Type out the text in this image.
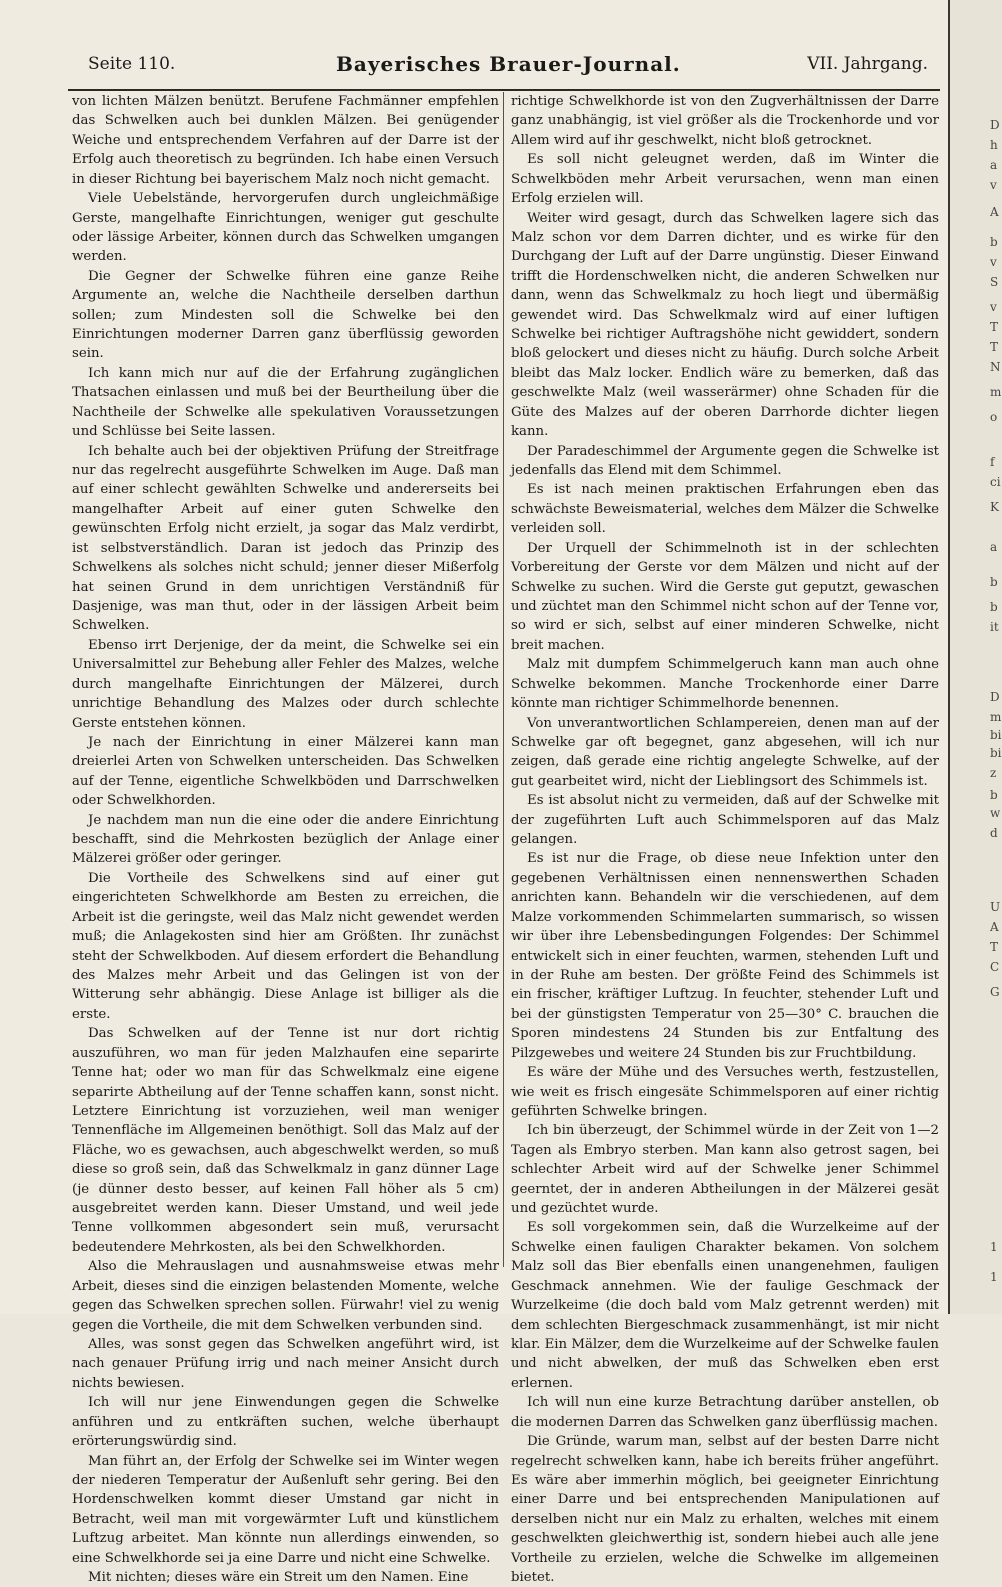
Seite 110.	Bayerisches Brauer-Journal.	VII. Jahrgang.

von lichten Mälzen benützt. Berufene Fachmänner empfehlen das Schwelken auch bei dunklen Mälzen. Bei genügender Weiche und entsprechendem Verfahren auf der Darre ist der Erfolg auch theoretisch zu begründen. Ich habe einen Versuch in dieser Richtung bei bayerischem Malz noch nicht gemacht.

Viele Uebelstände, hervorgerufen durch ungleichmäßige Gerste, mangelhafte Einrichtungen, weniger gut geschulte oder lässige Arbeiter, können durch das Schwelken umgangen werden.

Die Gegner der Schwelke führen eine ganze Reihe Argumente an, welche die Nachtheile derselben darthun sollen; zum Mindesten soll die Schwelke bei den Einrichtungen moderner Darren ganz überflüssig geworden sein.

Ich kann mich nur auf die der Erfahrung zugänglichen Thatsachen einlassen und muß bei der Beurtheilung über die Nachtheile der Schwelke alle spekulativen Voraussetzungen und Schlüsse bei Seite lassen.

Ich behalte auch bei der objektiven Prüfung der Streitfrage nur das regelrecht ausgeführte Schwelken im Auge. Daß man auf einer schlecht gewählten Schwelke und andererseits bei mangelhafter Arbeit auf einer guten Schwelke den gewünschten Erfolg nicht erzielt, ja sogar das Malz verdirbt, ist selbstverständlich. Daran ist jedoch das Prinzip des Schwelkens als solches nicht schuld; jenner dieser Mißerfolg hat seinen Grund in dem unrichtigen Verständniß für Dasjenige, was man thut, oder in der lässigen Arbeit beim Schwelken.

Ebenso irrt Derjenige, der da meint, die Schwelke sei ein Universalmittel zur Behebung aller Fehler des Malzes, welche durch mangelhafte Einrichtungen der Mälzerei, durch unrichtige Behandlung des Malzes oder durch schlechte Gerste entstehen können.

Je nach der Einrichtung in einer Mälzerei kann man dreierlei Arten von Schwelken unterscheiden. Das Schwelken auf der Tenne, eigentliche Schwelkböden und Darrschwelken oder Schwelkhorden.

Je nachdem man nun die eine oder die andere Einrichtung beschafft, sind die Mehrkosten bezüglich der Anlage einer Mälzerei größer oder geringer.

Die Vortheile des Schwelkens sind auf einer gut eingerichteten Schwelkhorde am Besten zu erreichen, die Arbeit ist die geringste, weil das Malz nicht gewendet werden muß; die Anlagekosten sind hier am Größten. Ihr zunächst steht der Schwelkboden. Auf diesem erfordert die Behandlung des Malzes mehr Arbeit und das Gelingen ist von der Witterung sehr abhängig. Diese Anlage ist billiger als die erste.

Das Schwelken auf der Tenne ist nur dort richtig auszuführen, wo man für jeden Malzhaufen eine separirte Tenne hat; oder wo man für das Schwelkmalz eine eigene separirte Abtheilung auf der Tenne schaffen kann, sonst nicht. Letztere Einrichtung ist vorzuziehen, weil man weniger Tennenfläche im Allgemeinen benöthigt. Soll das Malz auf der Fläche, wo es gewachsen, auch abgeschwelkt werden, so muß diese so groß sein, daß das Schwelkmalz in ganz dünner Lage (je dünner desto besser, auf keinen Fall höher als 5 cm) ausgebreitet werden kann. Dieser Umstand, und weil jede Tenne vollkommen abgesondert sein muß, verursacht bedeutendere Mehrkosten, als bei den Schwelkhorden.

Also die Mehrauslagen und ausnahmsweise etwas mehr Arbeit, dieses sind die einzigen belastenden Momente, welche gegen das Schwelken sprechen sollen. Fürwahr! viel zu wenig gegen die Vortheile, die mit dem Schwelken verbunden sind.

Alles, was sonst gegen das Schwelken angeführt wird, ist nach genauer Prüfung irrig und nach meiner Ansicht durch nichts bewiesen.

Ich will nur jene Einwendungen gegen die Schwelke anführen und zu entkräften suchen, welche überhaupt erörterungswürdig sind.

Man führt an, der Erfolg der Schwelke sei im Winter wegen der niederen Temperatur der Außenluft sehr gering. Bei den Hordenschwelken kommt dieser Umstand gar nicht in Betracht, weil man mit vorgewärmter Luft und künstlichem Luftzug arbeitet. Man könnte nun allerdings einwenden, so eine Schwelkhorde sei ja eine Darre und nicht eine Schwelke.

Mit nichten; dieses wäre ein Streit um den Namen. Eine

richtige Schwelkhorde ist von den Zugverhältnissen der Darre ganz unabhängig, ist viel größer als die Trockenhorde und vor Allem wird auf ihr geschwelkt, nicht bloß getrocknet.

Es soll nicht geleugnet werden, daß im Winter die Schwelkböden mehr Arbeit verursachen, wenn man einen Erfolg erzielen will.

Weiter wird gesagt, durch das Schwelken lagere sich das Malz schon vor dem Darren dichter, und es wirke für den Durchgang der Luft auf der Darre ungünstig. Dieser Einwand trifft die Hordenschwelken nicht, die anderen Schwelken nur dann, wenn das Schwelkmalz zu hoch liegt und übermäßig gewendet wird. Das Schwelkmalz wird auf einer luftigen Schwelke bei richtiger Auftragshöhe nicht gewiddert, sondern bloß gelockert und dieses nicht zu häufig. Durch solche Arbeit bleibt das Malz locker. Endlich wäre zu bemerken, daß das geschwelkte Malz (weil wasserärmer) ohne Schaden für die Güte des Malzes auf der oberen Darrhorde dichter liegen kann.

Der Paradeschimmel der Argumente gegen die Schwelke ist jedenfalls das Elend mit dem Schimmel.

Es ist nach meinen praktischen Erfahrungen eben das schwächste Beweismaterial, welches dem Mälzer die Schwelke verleiden soll.

Der Urquell der Schimmelnoth ist in der schlechten Vorbereitung der Gerste vor dem Mälzen und nicht auf der Schwelke zu suchen. Wird die Gerste gut geputzt, gewaschen und züchtet man den Schimmel nicht schon auf der Tenne vor, so wird er sich, selbst auf einer minderen Schwelke, nicht breit machen.

Malz mit dumpfem Schimmelgeruch kann man auch ohne Schwelke bekommen. Manche Trockenhorde einer Darre könnte man richtiger Schimmelhorde benennen.

Von unverantwortlichen Schlampereien, denen man auf der Schwelke gar oft begegnet, ganz abgesehen, will ich nur zeigen, daß gerade eine richtig angelegte Schwelke, auf der gut gearbeitet wird, nicht der Lieblingsort des Schimmels ist.

Es ist absolut nicht zu vermeiden, daß auf der Schwelke mit der zugeführten Luft auch Schimmelsporen auf das Malz gelangen.

Es ist nur die Frage, ob diese neue Infektion unter den gegebenen Verhältnissen einen nennenswerthen Schaden anrichten kann. Behandeln wir die verschiedenen, auf dem Malze vorkommenden Schimmelarten summarisch, so wissen wir über ihre Lebensbedingungen Folgendes: Der Schimmel entwickelt sich in einer feuchten, warmen, stehenden Luft und in der Ruhe am besten. Der größte Feind des Schimmels ist ein frischer, kräftiger Luftzug. In feuchter, stehender Luft und bei der günstigsten Temperatur von 25—30° C. brauchen die Sporen mindestens 24 Stunden bis zur Entfaltung des Pilzgewebes und weitere 24 Stunden bis zur Fruchtbildung.

Es wäre der Mühe und des Versuches werth, festzustellen, wie weit es frisch eingesäte Schimmelsporen auf einer richtig geführten Schwelke bringen.

Ich bin überzeugt, der Schimmel würde in der Zeit von 1—2 Tagen als Embryo sterben. Man kann also getrost sagen, bei schlechter Arbeit wird auf der Schwelke jener Schimmel geerntet, der in anderen Abtheilungen in der Mälzerei gesät und gezüchtet wurde.

Es soll vorgekommen sein, daß die Wurzelkeime auf der Schwelke einen fauligen Charakter bekamen. Von solchem Malz soll das Bier ebenfalls einen unangenehmen, fauligen Geschmack annehmen. Wie der faulige Geschmack der Wurzelkeime (die doch bald vom Malz getrennt werden) mit dem schlechten Biergeschmack zusammenhängt, ist mir nicht klar. Ein Mälzer, dem die Wurzelkeime auf der Schwelke faulen und nicht abwelken, der muß das Schwelken eben erst erlernen.

Ich will nun eine kurze Betrachtung darüber anstellen, ob die modernen Darren das Schwelken ganz überflüssig machen.

Die Gründe, warum man, selbst auf der besten Darre nicht regelrecht schwelken kann, habe ich bereits früher angeführt. Es wäre aber immerhin möglich, bei geeigneter Einrichtung einer Darre und bei entsprechenden Manipulationen auf derselben nicht nur ein Malz zu erhalten, welches mit einem geschwelkten gleichwerthig ist, sondern hiebei auch alle jene Vortheile zu erzielen, welche die Schwelke im allgemeinen bietet.

D
h
a
v
A
b
v
S
v
T
T
N
m
o
f
ci
K
a
b
b
it
D
m
bi
bi
z
b
w
d
U
A
T
C
G
1
1
